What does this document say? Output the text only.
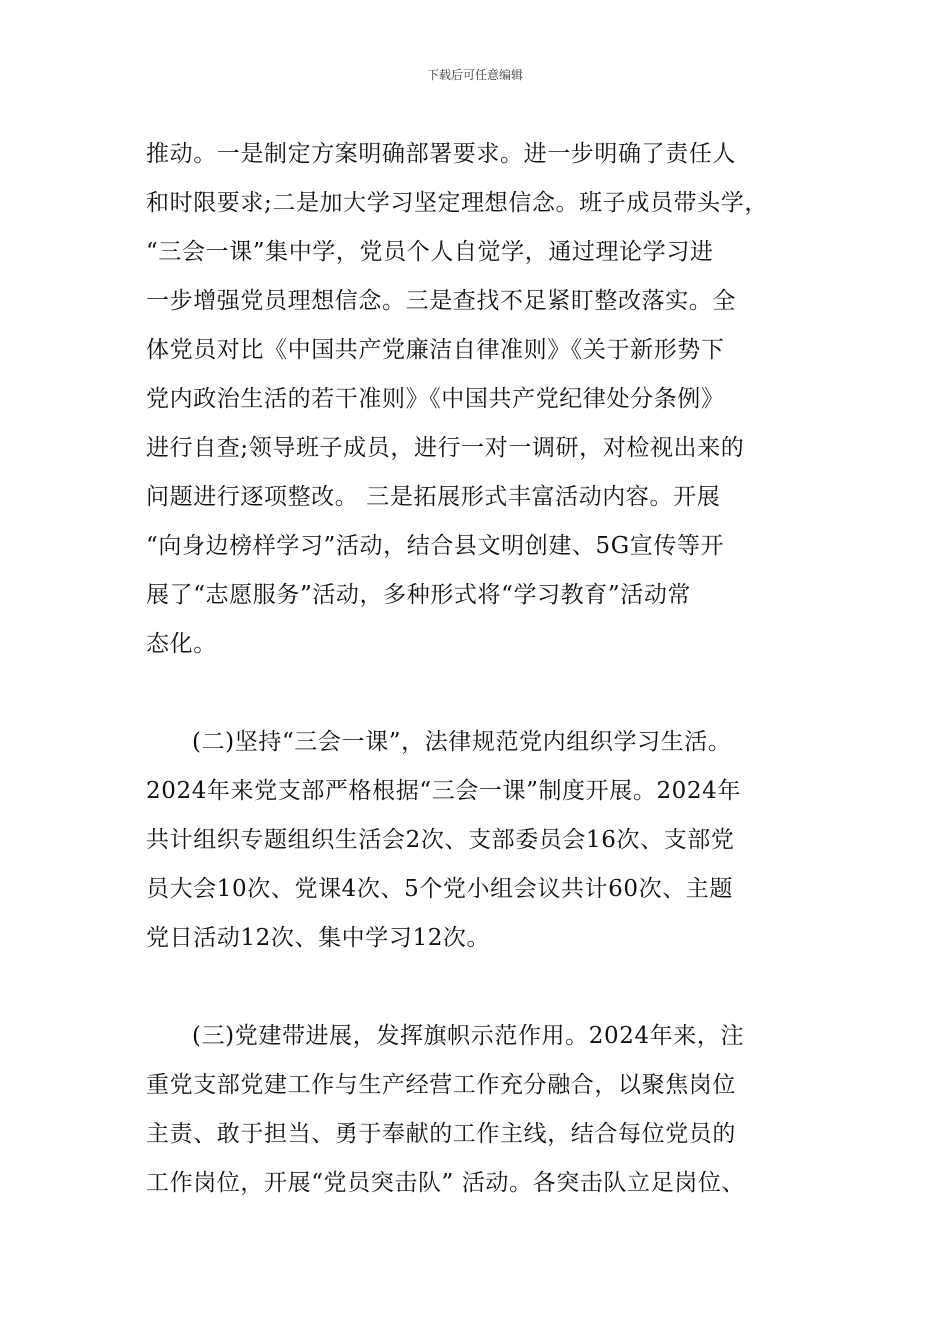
下载后可任意编辑
推动。一是制定方案明确部署要求。进一步明确了责任人
和时限要求;二是加大学习坚定理想信念。班子成员带头学，
“三会一课”集中学，党员个人自觉学，通过理论学习进
一步增强党员理想信念。三是查找不足紧盯整改落实。全
体党员对比《中国共产党廉洁自律准则》《关于新形势下
党内政治生活的若干准则》《中国共产党纪律处分条例》
进行自查;领导班子成员，进行一对一调研，对检视出来的
问题进行逐项整改。 三是拓展形式丰富活动内容。开展
“向身边榜样学习”活动，结合县文明创建、5G宣传等开
展了“志愿服务”活动，多种形式将“学习教育”活动常
态化。
(二)坚持“三会一课”，法律规范党内组织学习生活。
2024年来党支部严格根据“三会一课”制度开展。2024年
共计组织专题组织生活会2次、支部委员会16次、支部党
员大会10次、党课4次、5个党小组会议共计60次、主题
党日活动12次、集中学习12次。
(三)党建带进展，发挥旗帜示范作用。2024年来，注
重党支部党建工作与生产经营工作充分融合，以聚焦岗位
主责、敢于担当、勇于奉献的工作主线，结合每位党员的
工作岗位，开展“党员突击队” 活动。各突击队立足岗位、
